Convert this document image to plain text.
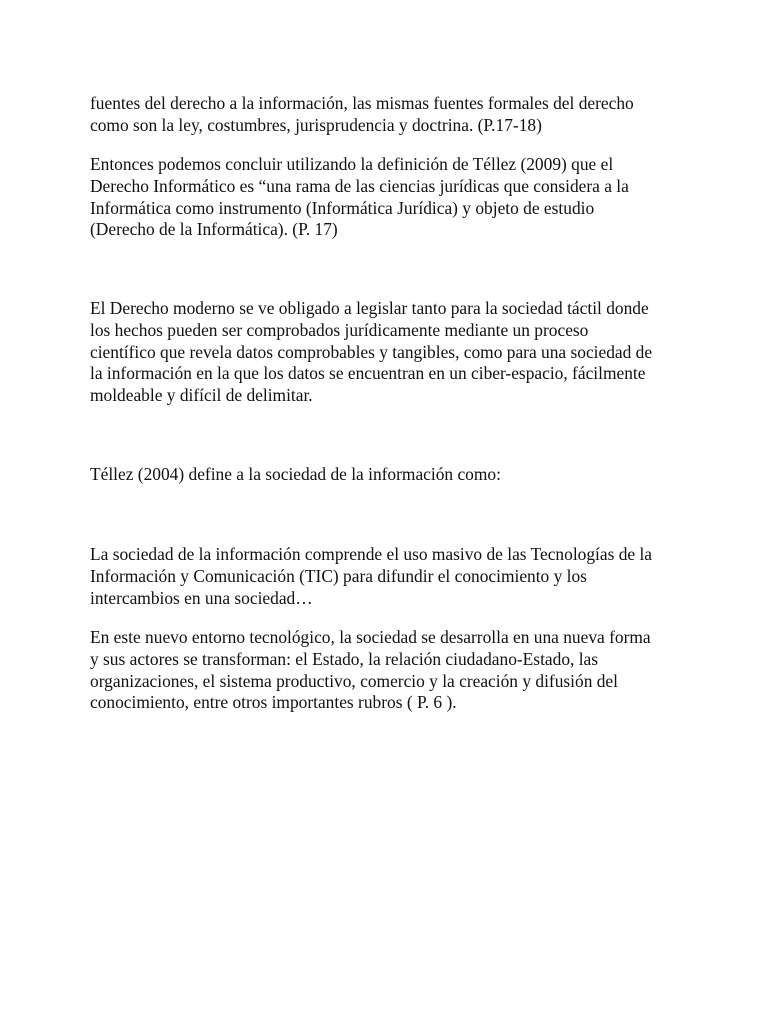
fuentes del derecho a la información, las mismas fuentes formales del derecho
como son la ley, costumbres, jurisprudencia y doctrina. (P.17-18)

Entonces podemos concluir utilizando la definición de Téllez (2009) que el
Derecho Informático es “una rama de las ciencias jurídicas que considera a la
Informática como instrumento (Informática Jurídica) y objeto de estudio
(Derecho de la Informática). (P. 17)

El Derecho moderno se ve obligado a legislar tanto para la sociedad táctil donde
los hechos pueden ser comprobados jurídicamente mediante un proceso
científico que revela datos comprobables y tangibles, como para una sociedad de
la información en la que los datos se encuentran en un ciber-espacio, fácilmente
moldeable y difícil de delimitar.

Téllez (2004) define a la sociedad de la información como:

La sociedad de la información comprende el uso masivo de las Tecnologías de la
Información y Comunicación (TIC) para difundir el conocimiento y los
intercambios en una sociedad…

En este nuevo entorno tecnológico, la sociedad se desarrolla en una nueva forma
y sus actores se transforman: el Estado, la relación ciudadano-Estado, las
organizaciones, el sistema productivo, comercio y la creación y difusión del
conocimiento, entre otros importantes rubros ( P. 6 ).
